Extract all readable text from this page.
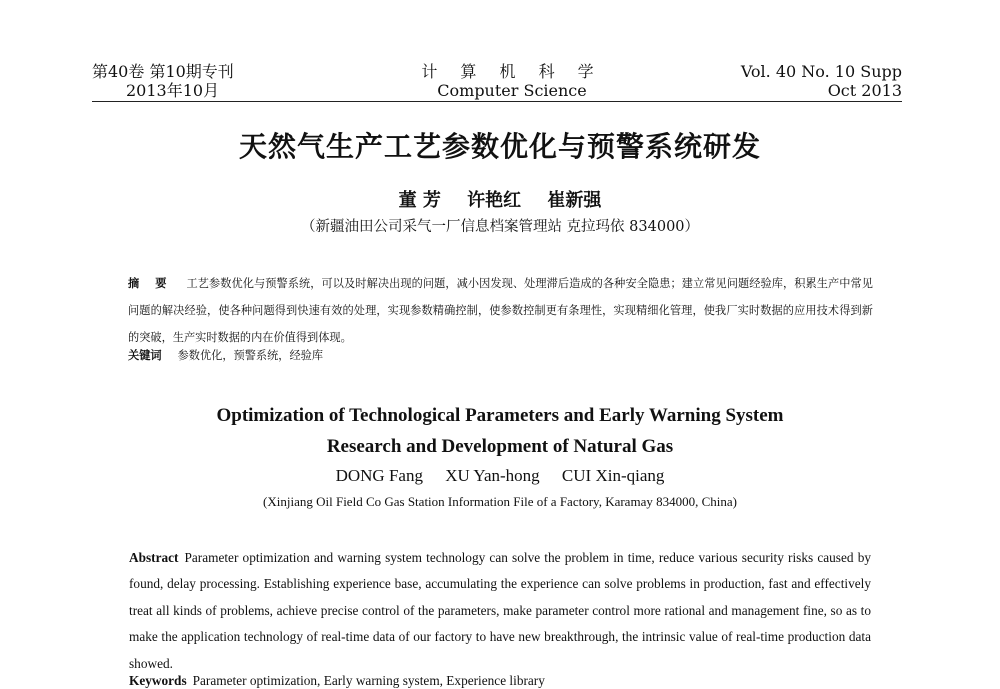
第40卷 第10期专刊
2013年10月
计 算 机 科 学
Computer Science
Vol. 40 No. 10 Supp
Oct 2013
天然气生产工艺参数优化与预警系统研发
董 芳 许艳红 崔新强
（新疆油田公司采气一厂信息档案管理站 克拉玛依 834000）
摘 要 工艺参数优化与预警系统，可以及时解决出现的问题，减小因发现、处理滞后造成的各种安全隐患；建立常见问题经验库，积累生产中常见问题的解决经验，使各种问题得到快速有效的处理，实现参数精确控制，使参数控制更有条理性，实现精细化管理，使我厂实时数据的应用技术得到新的突破，生产实时数据的内在价值得到体现。
关键词 参数优化，预警系统，经验库
Optimization of Technological Parameters and Early Warning System
Research and Development of Natural Gas
DONG Fang XU Yan-hong CUI Xin-qiang
(Xinjiang Oil Field Co Gas Station Information File of a Factory, Karamay 834000, China)
Abstract Parameter optimization and warning system technology can solve the problem in time, reduce various security risks caused by found, delay processing. Establishing experience base, accumulating the experience can solve problems in production, fast and effectively treat all kinds of problems, achieve precise control of the parameters, make parameter control more rational and management fine, so as to make the application technology of real-time data of our factory to have new breakthrough, the intrinsic value of real-time production data showed.
Keywords Parameter optimization, Early warning system, Experience library
